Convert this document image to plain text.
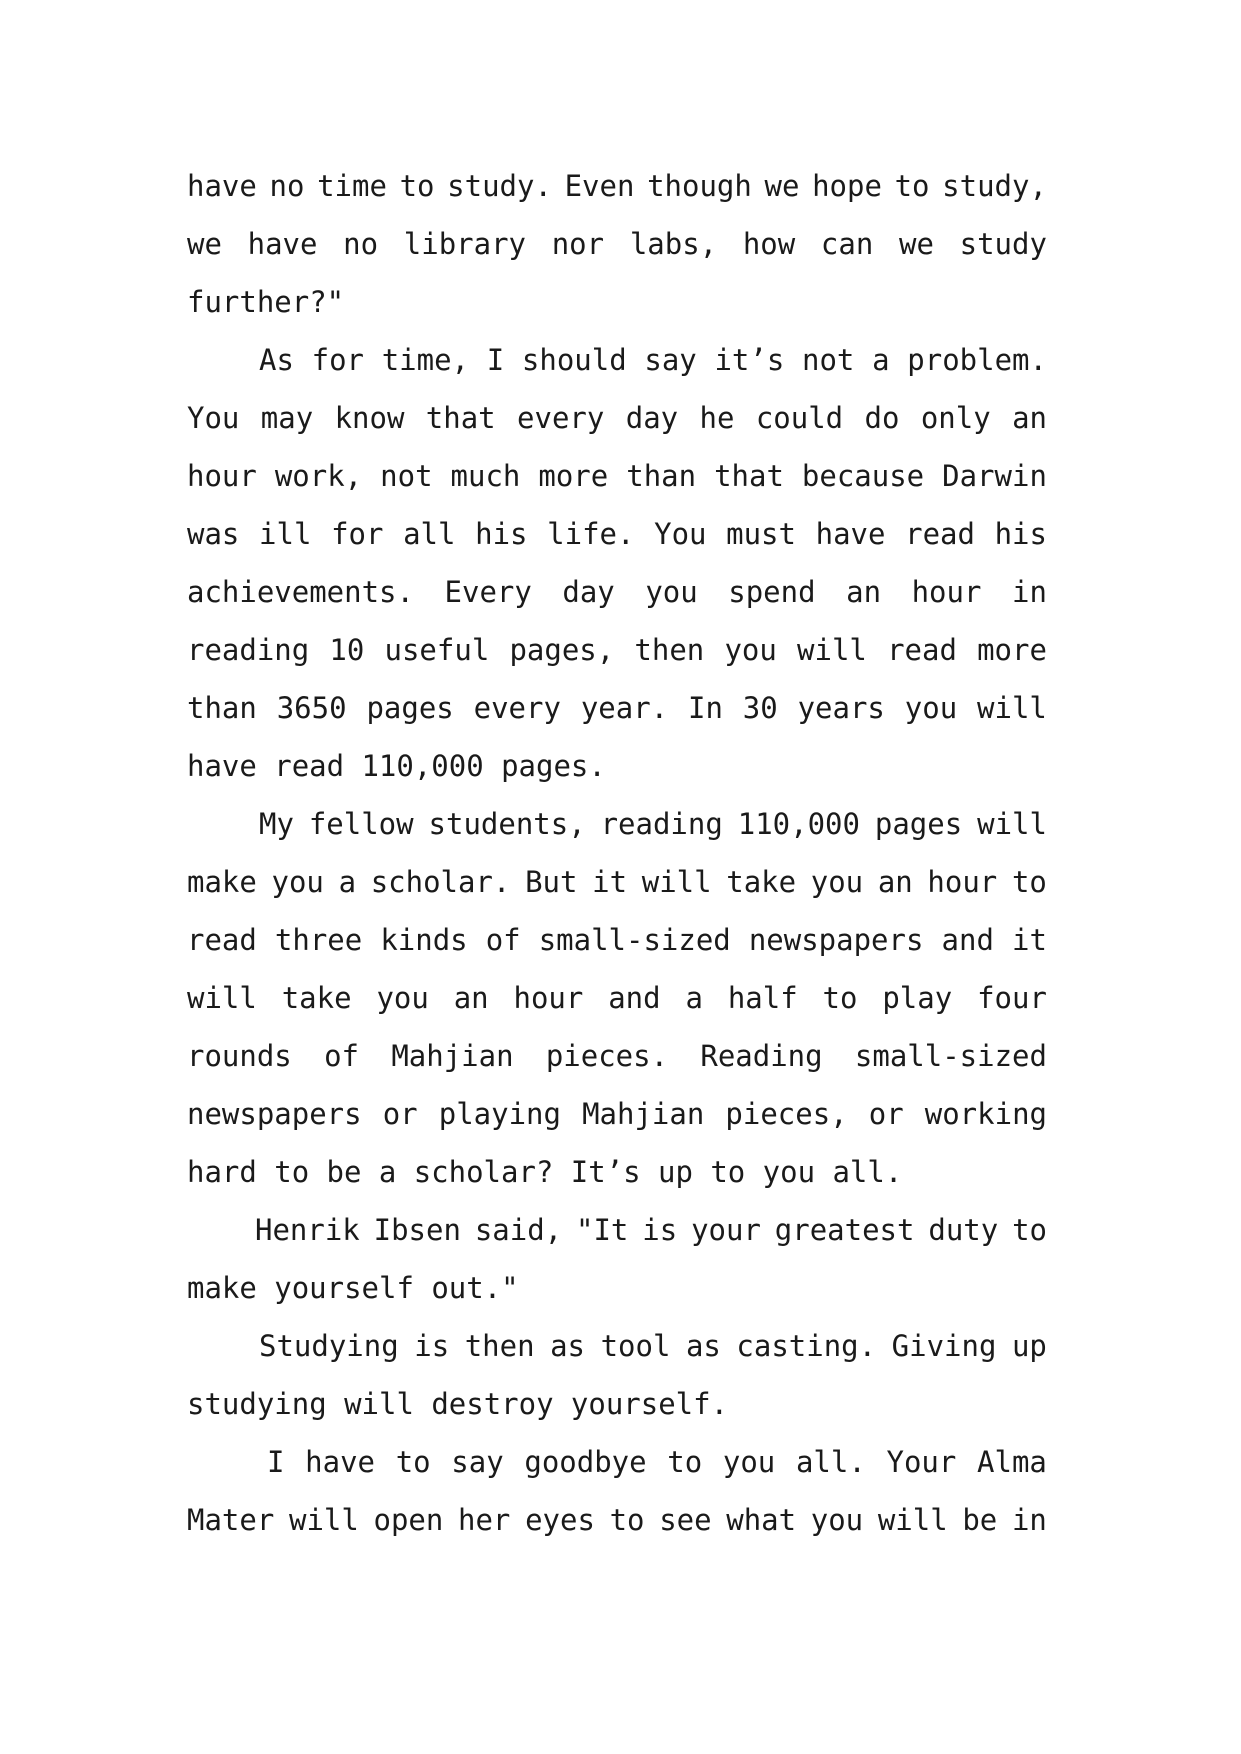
have no time to study. Even though we hope to study,
we have no library nor labs, how can we study
further?"
As for time, I should say it’s not a problem.
You may know that every day he could do only an
hour work, not much more than that because Darwin
was ill for all his life. You must have read his
achievements. Every day you spend an hour in
reading 10 useful pages, then you will read more
than 3650 pages every year. In 30 years you will
have read 110,000 pages.
My fellow students, reading 110,000 pages will
make you a scholar. But it will take you an hour to
read three kinds of small-sized newspapers and it
will take you an hour and a half to play four
rounds of Mahjian pieces. Reading small-sized
newspapers or playing Mahjian pieces, or working
hard to be a scholar? It’s up to you all.
Henrik Ibsen said, "It is your greatest duty to
make yourself out."
Studying is then as tool as casting. Giving up
studying will destroy yourself.
I have to say goodbye to you all. Your Alma
Mater will open her eyes to see what you will be in
